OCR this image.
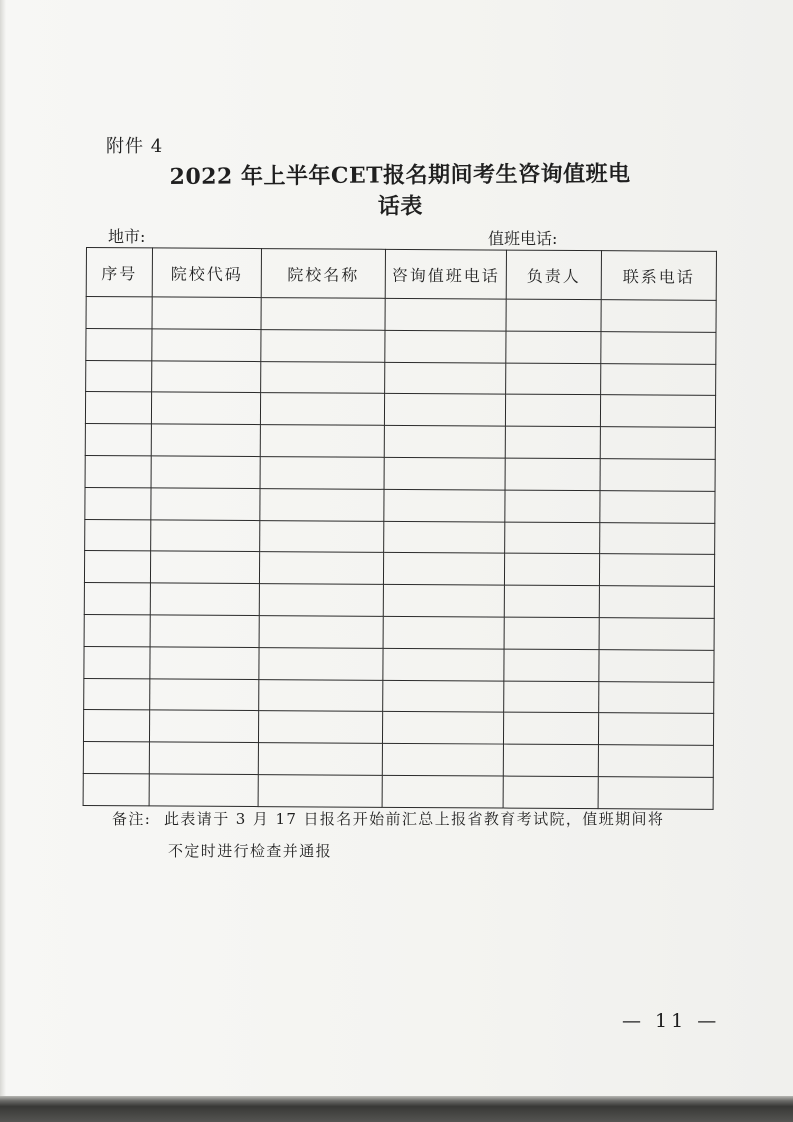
附件 4
2022 年上半年CET报名期间考生咨询值班电话表
地市:	值班电话:
序号	院校代码	院校名称	咨询值班电话	负责人	联系电话

备注: 此表请于 3 月 17 日报名开始前汇总上报省教育考试院，值班期间将
不定时进行检查并通报
— 11 —
